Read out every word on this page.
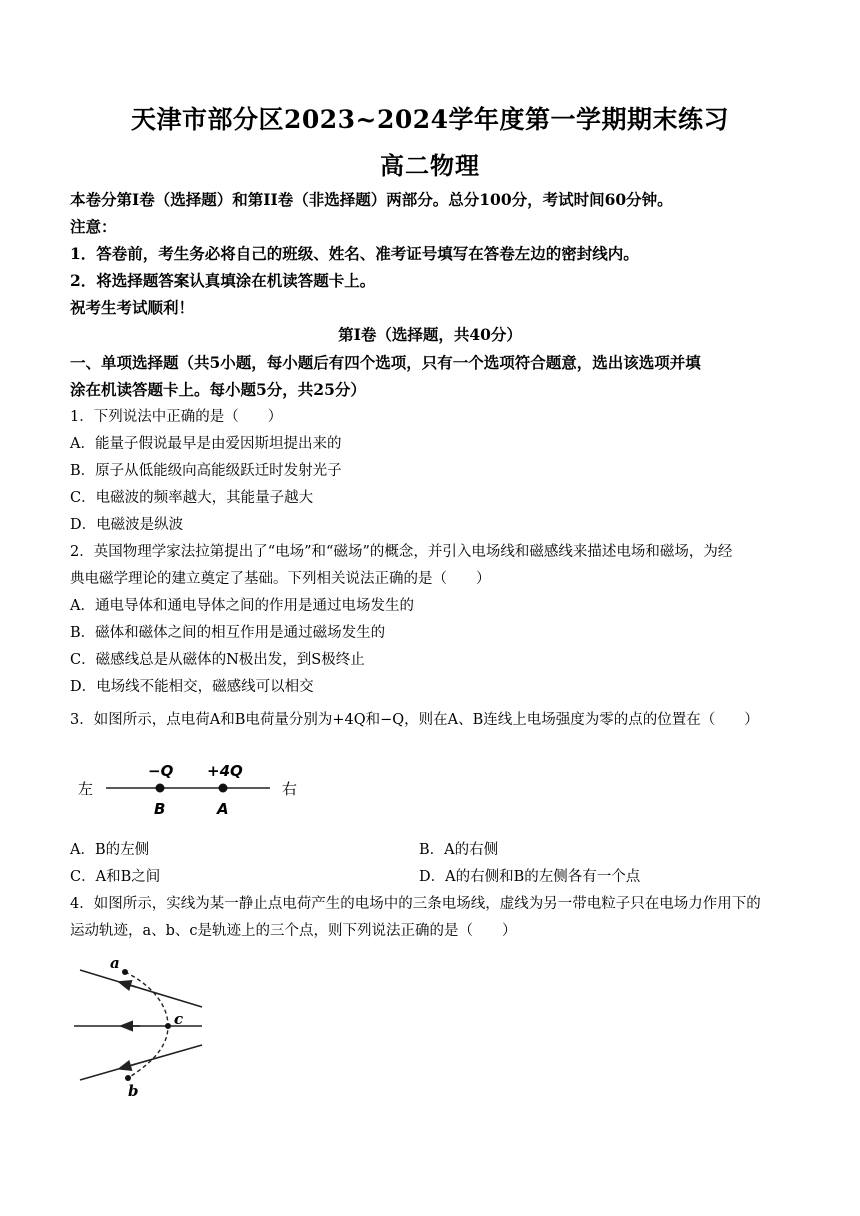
天津市部分区2023~2024学年度第一学期期末练习
高二物理
本卷分第I卷（选择题）和第II卷（非选择题）两部分。总分100分，考试时间60分钟。
注意：
1．答卷前，考生务必将自己的班级、姓名、准考证号填写在答卷左边的密封线内。
2．将选择题答案认真填涂在机读答题卡上。
祝考生考试顺利！
第I卷（选择题，共40分）
一、单项选择题（共5小题，每小题后有四个选项，只有一个选项符合题意，选出该选项并填
涂在机读答题卡上。每小题5分，共25分）
1．下列说法中正确的是（　　）
A．能量子假说最早是由爱因斯坦提出来的
B．原子从低能级向高能级跃迁时发射光子
C．电磁波的频率越大，其能量子越大
D．电磁波是纵波
2．英国物理学家法拉第提出了“电场”和“磁场”的概念，并引入电场线和磁感线来描述电场和磁场，为经
典电磁学理论的建立奠定了基础。下列相关说法正确的是（　　）
A．通电导体和通电导体之间的作用是通过电场发生的
B．磁体和磁体之间的相互作用是通过磁场发生的
C．磁感线总是从磁体的N极出发，到S极终止
D．电场线不能相交，磁感线可以相交
3．如图所示，点电荷A和B电荷量分别为+4Q和−Q，则在A、B连线上电场强度为零的点的位置在（　　）
左	右
−Q +4Q
B	A
A．B的左侧	B．A的右侧
C．A和B之间	D．A的右侧和B的左侧各有一个点
4．如图所示，实线为某一静止点电荷产生的电场中的三条电场线，虚线为另一带电粒子只在电场力作用下的
运动轨迹，a、b、c是轨迹上的三个点，则下列说法正确的是（　　）
a
c
b
